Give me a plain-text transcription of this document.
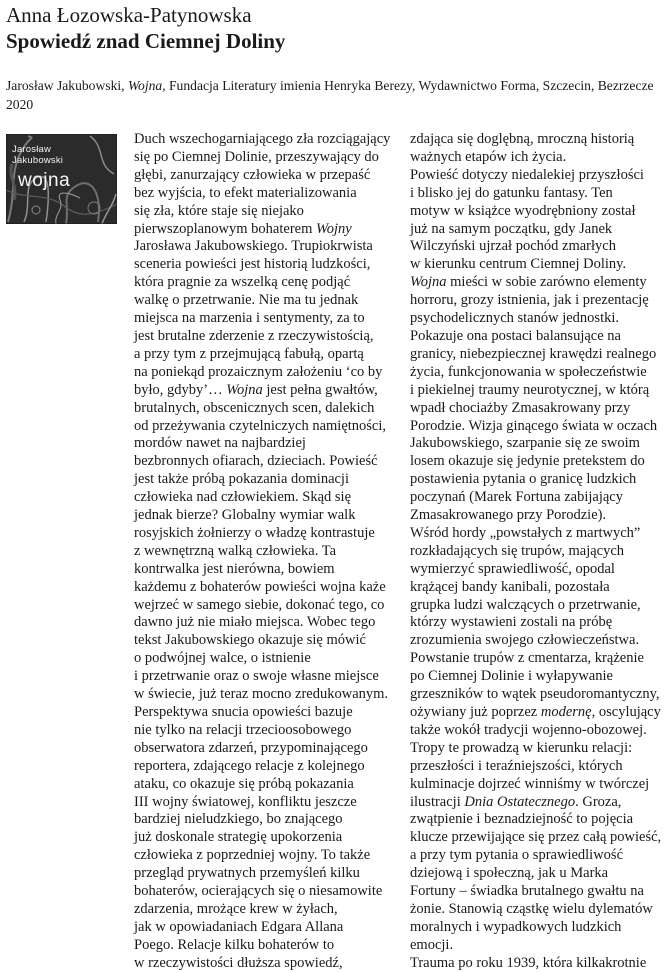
Anna Łozowska-Patynowska
Spowiedź znad Ciemnej Doliny

Jarosław Jakubowski, Wojna, Fundacja Literatury imienia Henryka Berezy, Wydawnictwo Forma, Szczecin, Bezrzecze 2020

Jarosław
Jakubowski
wojna
Duch wszechogarniającego zła rozciągający
się po Ciemnej Dolinie, przeszywający do
głębi, zanurzający człowieka w przepaść
bez wyjścia, to efekt materializowania
się zła, które staje się niejako
pierwszoplanowym bohaterem Wojny
Jarosława Jakubowskiego. Trupiokrwista
sceneria powieści jest historią ludzkości,
która pragnie za wszelką cenę podjąć
walkę o przetrwanie. Nie ma tu jednak
miejsca na marzenia i sentymenty, za to
jest brutalne zderzenie z rzeczywistością,
a przy tym z przejmującą fabułą, opartą
na poniekąd prozaicznym założeniu ‘co by
było, gdyby’… Wojna jest pełna gwałtów,
brutalnych, obscenicznych scen, dalekich
od przeżywania czytelniczych namiętności,
mordów nawet na najbardziej
bezbronnych ofiarach, dzieciach. Powieść
jest także próbą pokazania dominacji
człowieka nad człowiekiem. Skąd się
jednak bierze? Globalny wymiar walk
rosyjskich żołnierzy o władzę kontrastuje
z wewnętrzną walką człowieka. Ta
kontrwalka jest nierówna, bowiem
każdemu z bohaterów powieści wojna każe
wejrzeć w samego siebie, dokonać tego, co
dawno już nie miało miejsca. Wobec tego
tekst Jakubowskiego okazuje się mówić
o podwójnej walce, o istnienie
i przetrwanie oraz o swoje własne miejsce
w świecie, już teraz mocno zredukowanym.
Perspektywa snucia opowieści bazuje
nie tylko na relacji trzecioosobowego
obserwatora zdarzeń, przypominającego
reportera, zdającego relacje z kolejnego
ataku, co okazuje się próbą pokazania
III wojny światowej, konfliktu jeszcze
bardziej nieludzkiego, bo znającego
już doskonale strategię upokorzenia
człowieka z poprzedniej wojny. To także
przegląd prywatnych przemyśleń kilku
bohaterów, ocierających się o niesamowite
zdarzenia, mrożące krew w żyłach,
jak w opowiadaniach Edgara Allana
Poego. Relacje kilku bohaterów to
w rzeczywistości dłuższa spowiedź,
zdająca się doglębną, mroczną historią
ważnych etapów ich życia.
Powieść dotyczy niedalekiej przyszłości
i blisko jej do gatunku fantasy. Ten
motyw w książce wyodrębniony został
już na samym początku, gdy Janek
Wilczyński ujrzał pochód zmarłych
w kierunku centrum Ciemnej Doliny.
Wojna mieści w sobie zarówno elementy
horroru, grozy istnienia, jak i prezentację
psychodelicznych stanów jednostki.
Pokazuje ona postaci balansujące na
granicy, niebezpiecznej krawędzi realnego
życia, funkcjonowania w społeczeństwie
i piekielnej traumy neurotycznej, w którą
wpadł chociażby Zmasakrowany przy
Porodzie. Wizja ginącego świata w oczach
Jakubowskiego, szarpanie się ze swoim
losem okazuje się jedynie pretekstem do
postawienia pytania o granicę ludzkich
poczynań (Marek Fortuna zabijający
Zmasakrowanego przy Porodzie).
Wśród hordy „powstałych z martwych”
rozkładających się trupów, mających
wymierzyć sprawiedliwość, opodal
krążącej bandy kanibali, pozostała
grupka ludzi walczących o przetrwanie,
którzy wystawieni zostali na próbę
zrozumienia swojego człowieczeństwa.
Powstanie trupów z cmentarza, krążenie
po Ciemnej Dolinie i wyłapywanie
grzeszników to wątek pseudoromantyczny,
ożywiany już poprzez modernę, oscylujący
także wokół tradycji wojenno-obozowej.
Tropy te prowadzą w kierunku relacji:
przeszłości i teraźniejszości, których
kulminacje dojrzeć winniśmy w twórczej
ilustracji Dnia Ostatecznego. Groza,
zwątpienie i beznadziejność to pojęcia
klucze przewijające się przez całą powieść,
a przy tym pytania o sprawiedliwość
dziejową i społeczną, jak u Marka
Fortuny – świadka brutalnego gwałtu na
żonie. Stanowią cząstkę wielu dylematów
moralnych i wypadkowych ludzkich
emocji.
Trauma po roku 1939, która kilkakrotnie
